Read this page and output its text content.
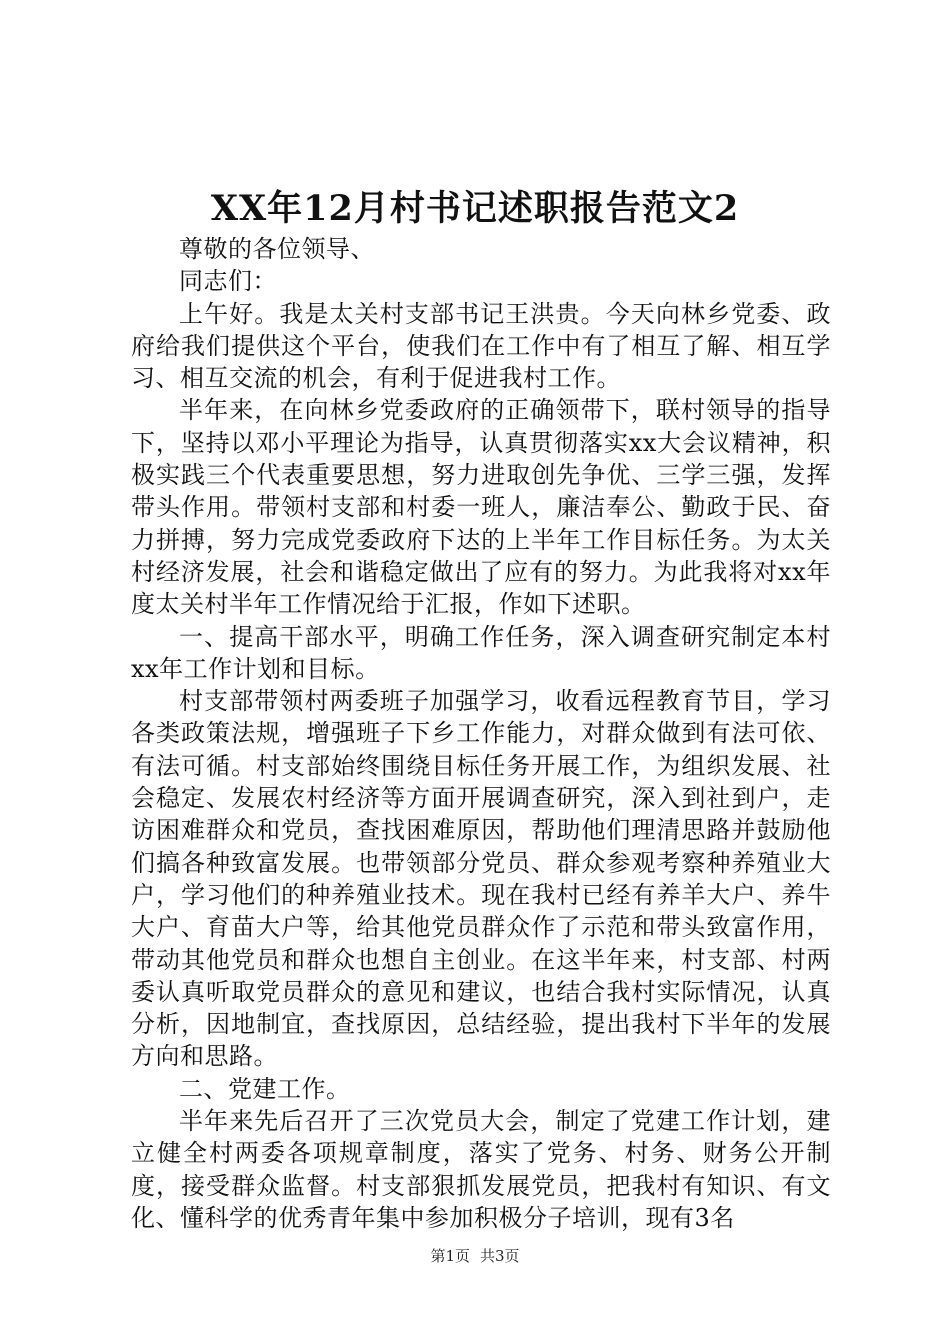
XX年12月村书记述职报告范文2

尊敬的各位领导、

同志们：

上午好。我是太关村支部书记王洪贵。今天向林乡党委、政府给我们提供这个平台，使我们在工作中有了相互了解、相互学习、相互交流的机会，有利于促进我村工作。

半年来，在向林乡党委政府的正确领带下，联村领导的指导下，坚持以邓小平理论为指导，认真贯彻落实xx大会议精神，积极实践三个代表重要思想，努力进取创先争优、三学三强，发挥带头作用。带领村支部和村委一班人，廉洁奉公、勤政于民、奋力拼搏，努力完成党委政府下达的上半年工作目标任务。为太关村经济发展，社会和谐稳定做出了应有的努力。为此我将对xx年度太关村半年工作情况给于汇报，作如下述职。

一、提高干部水平，明确工作任务，深入调查研究制定本村xx年工作计划和目标。

村支部带领村两委班子加强学习，收看远程教育节目，学习各类政策法规，增强班子下乡工作能力，对群众做到有法可依、有法可循。村支部始终围绕目标任务开展工作，为组织发展、社会稳定、发展农村经济等方面开展调查研究，深入到社到户，走访困难群众和党员，查找困难原因，帮助他们理清思路并鼓励他们搞各种致富发展。也带领部分党员、群众参观考察种养殖业大户，学习他们的种养殖业技术。现在我村已经有养羊大户、养牛大户、育苗大户等，给其他党员群众作了示范和带头致富作用，带动其他党员和群众也想自主创业。在这半年来，村支部、村两委认真听取党员群众的意见和建议，也结合我村实际情况，认真分析，因地制宜，查找原因，总结经验，提出我村下半年的发展方向和思路。

二、党建工作。

半年来先后召开了三次党员大会，制定了党建工作计划，建立健全村两委各项规章制度，落实了党务、村务、财务公开制度，接受群众监督。村支部狠抓发展党员，把我村有知识、有文化、懂科学的优秀青年集中参加积极分子培训，现有3名

第1页 共3页
